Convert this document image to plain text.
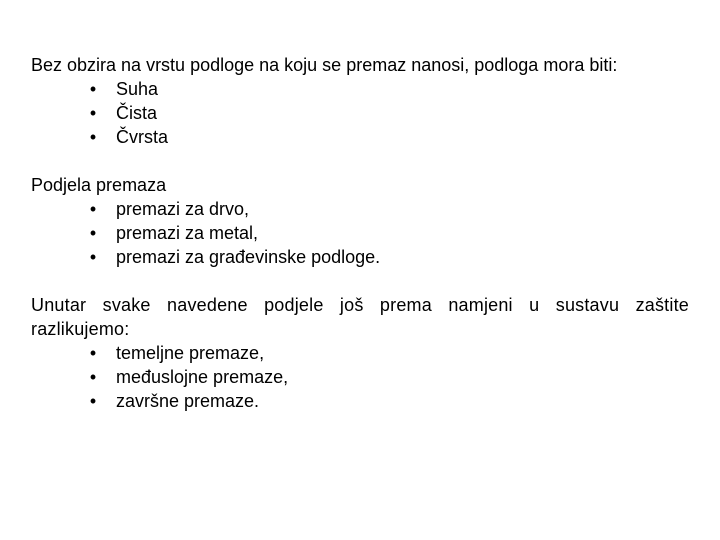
Bez obzira na vrstu podloge na koju se premaz nanosi, podloga mora biti:

• Suha
• Čista
• Čvrsta

Podjela premaza

• premazi za drvo,
• premazi za metal,
• premazi za građevinske podloge.

Unutar svake navedene podjele još prema namjeni u sustavu zaštite razlikujemo:

• temeljne premaze,
• međuslojne premaze,
• završne premaze.
